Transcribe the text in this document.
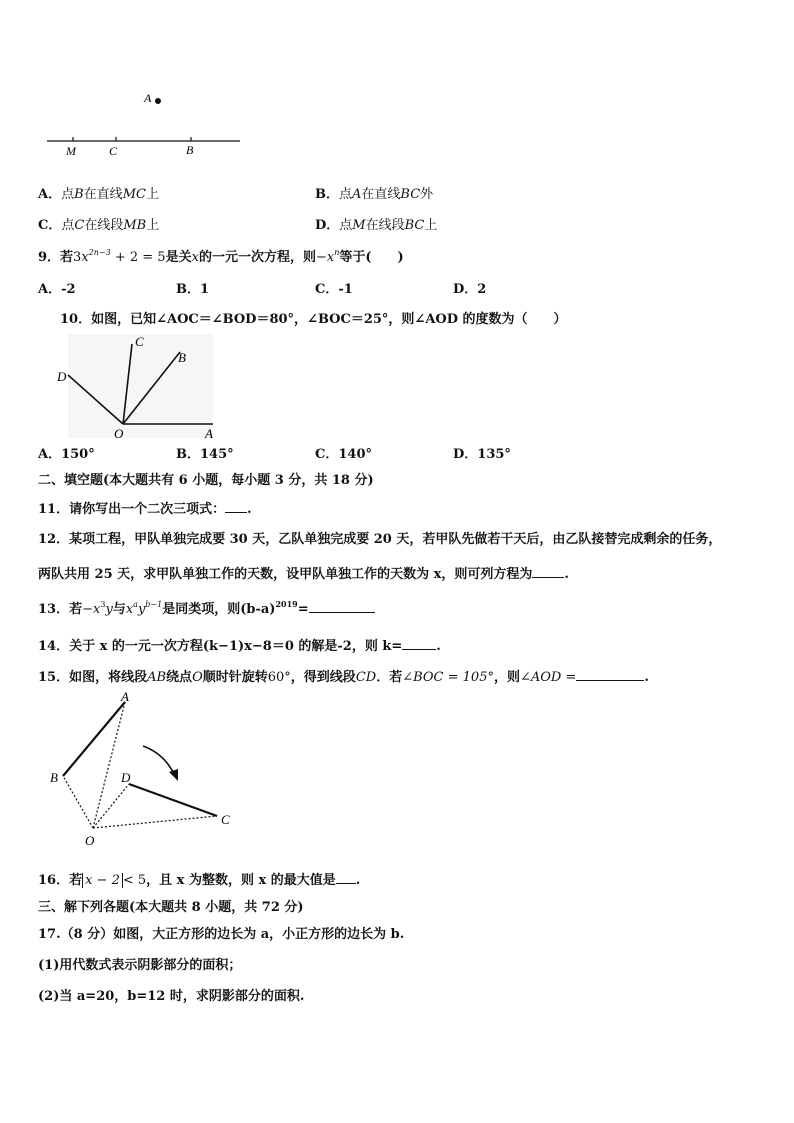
A
M	C	B
A．点B在直线MC上	B．点A在直线BC外
C．点C在线段MB上	D．点M在线段BC上
9．若$3x^{2n-3} + 2 = 5$是关x的一元一次方程，则$-x^n$等于(　　)
A．-2	B．1	C．-1	D．2
10．如图，已知∠AOC＝∠BOD＝80°，∠BOC＝25°，则∠AOD 的度数为（　　）
C
B
D
O	A
A．150°	B．145°	C．140°	D．135°
二、填空题(本大题共有 6 小题，每小题 3 分，共 18 分)
11．请你写出一个二次三项式： .
12．某项工程，甲队单独完成要 30 天，乙队单独完成要 20 天，若甲队先做若干天后，由乙队接替完成剩余的任务，
两队共用 25 天，求甲队单独工作的天数，设甲队单独工作的天数为 x，则可列方程为 .
13．若$-x^3y$与$x^ay^{b-1}$是同类项，则$(b-a)^{2019}=$
14．关于 x 的一元一次方程(k−1)x−8＝0 的解是-2，则 k=	.
15．如图，将线段AB绕点O顺时针旋转60°，得到线段CD．若∠BOC = 105°，则∠AOD =	.
A
B	D
C
O
16．若 x − 2 < 5，且 x 为整数，则 x 的最大值是 .
三、解下列各题(本大题共 8 小题，共 72 分)
17.（8 分）如图，大正方形的边长为 a，小正方形的边长为 b.
(1)用代数式表示阴影部分的面积；
(2)当 a=20，b=12 时，求阴影部分的面积.
